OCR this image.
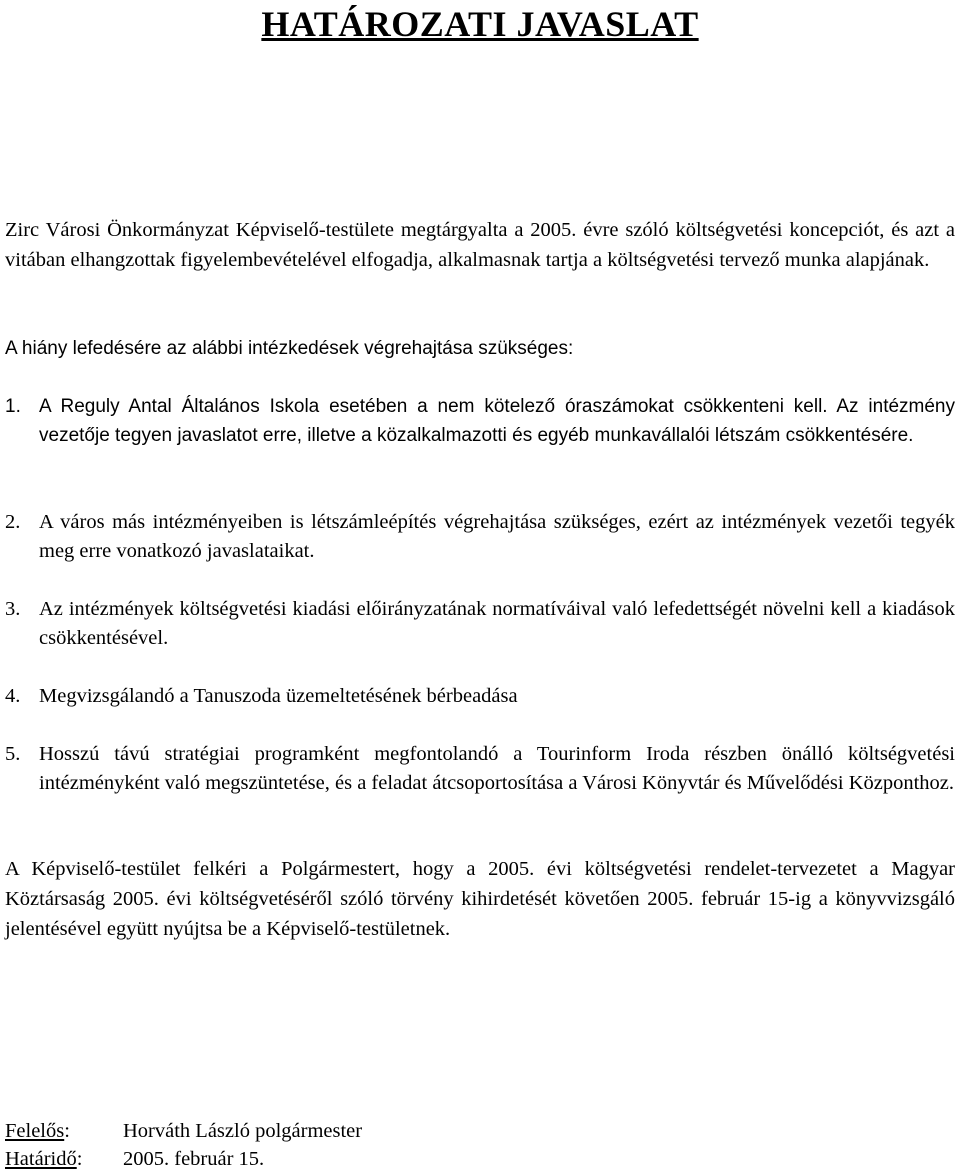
HATÁROZATI JAVASLAT

Zirc Városi Önkormányzat Képviselő-testülete megtárgyalta a 2005. évre szóló költségvetési koncepciót, és azt a vitában elhangzottak figyelembevételével elfogadja, alkalmasnak tartja a költségvetési tervező munka alapjának.

A hiány lefedésére az alábbi intézkedések végrehajtása szükséges:

1. A Reguly Antal Általános Iskola esetében a nem kötelező óraszámokat csökkenteni kell. Az intézmény vezetője tegyen javaslatot erre, illetve a közalkalmazotti és egyéb munkavállalói létszám csökkentésére.
2. A város más intézményeiben is létszámleépítés végrehajtása szükséges, ezért az intézmények vezetői tegyék meg erre vonatkozó javaslataikat.
3. Az intézmények költségvetési kiadási előirányzatának normatíváival való lefedettségét növelni kell a kiadások csökkentésével.
4. Megvizsgálandó a Tanuszoda üzemeltetésének bérbeadása
5. Hosszú távú stratégiai programként megfontolandó a Tourinform Iroda részben önálló költségvetési intézményként való megszüntetése, és a feladat átcsoportosítása a Városi Könyvtár és Művelődési Központhoz.

A Képviselő-testület felkéri a Polgármestert, hogy a 2005. évi költségvetési rendelet-tervezetet a Magyar Köztársaság 2005. évi költségvetéséről szóló törvény kihirdetését követően 2005. február 15-ig a könyvvizsgáló jelentésével együtt nyújtsa be a Képviselő-testületnek.

Felelős:	Horváth László polgármester
Határidő: 2005. február 15.
